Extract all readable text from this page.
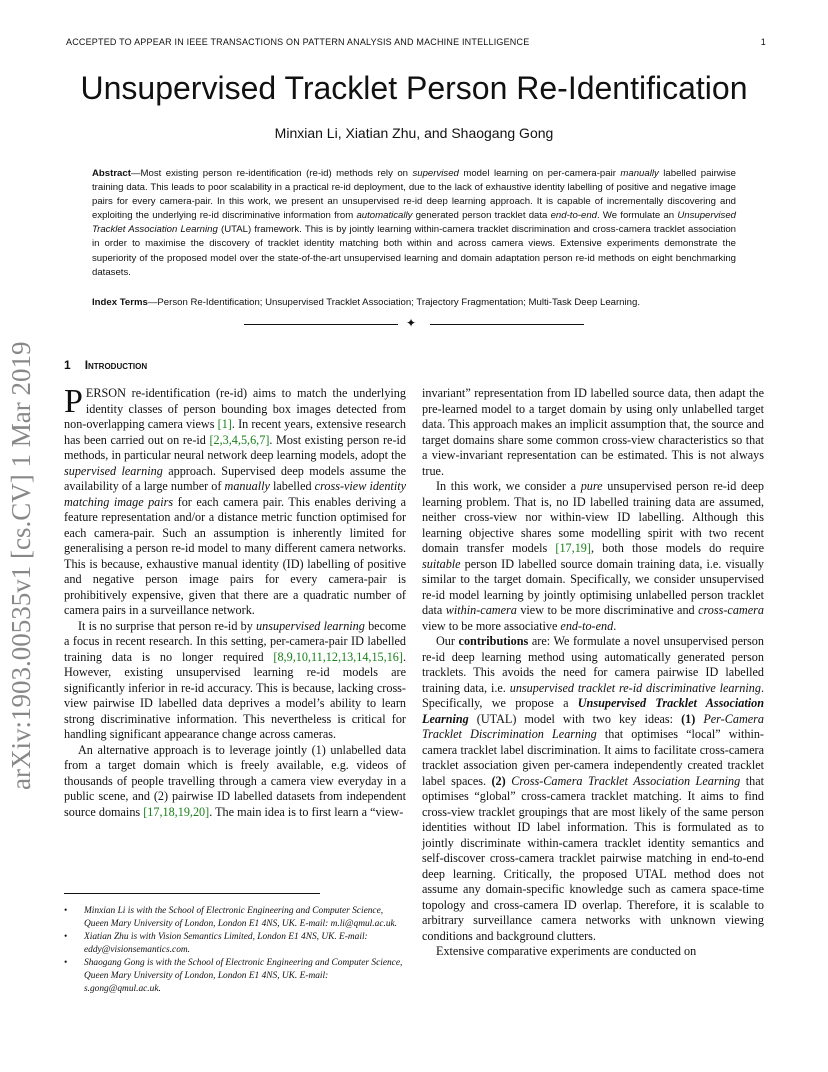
ACCEPTED TO APPEAR IN IEEE TRANSACTIONS ON PATTERN ANALYSIS AND MACHINE INTELLIGENCE	1
arXiv:1903.00535v1 [cs.CV] 1 Mar 2019
Unsupervised Tracklet Person Re-Identification
Minxian Li, Xiatian Zhu, and Shaogang Gong
Abstract—Most existing person re-identification (re-id) methods rely on supervised model learning on per-camera-pair manually labelled pairwise training data. This leads to poor scalability in a practical re-id deployment, due to the lack of exhaustive identity labelling of positive and negative image pairs for every camera-pair. In this work, we present an unsupervised re-id deep learning approach. It is capable of incrementally discovering and exploiting the underlying re-id discriminative information from automatically generated person tracklet data end-to-end. We formulate an Unsupervised Tracklet Association Learning (UTAL) framework. This is by jointly learning within-camera tracklet discrimination and cross-camera tracklet association in order to maximise the discovery of tracklet identity matching both within and across camera views. Extensive experiments demonstrate the superiority of the proposed model over the state-of-the-art unsupervised learning and domain adaptation person re-id methods on eight benchmarking datasets.
Index Terms—Person Re-Identification; Unsupervised Tracklet Association; Trajectory Fragmentation; Multi-Task Deep Learning.
✦
1 Introduction

PERSON re-identification (re-id) aims to match the underlying identity classes of person bounding box images detected from non-overlapping camera views [1]. In recent years, extensive research has been carried out on re-id [2,3,4,5,6,7]. Most existing person re-id methods, in particular neural network deep learning models, adopt the supervised learning approach. Supervised deep models assume the availability of a large number of manually labelled cross-view identity matching image pairs for each camera pair. This enables deriving a feature representation and/or a distance metric function optimised for each camera-pair. Such an assumption is inherently limited for generalising a person re-id model to many different camera networks. This is because, exhaustive manual identity (ID) labelling of positive and negative person image pairs for every camera-pair is prohibitively expensive, given that there are a quadratic number of camera pairs in a surveillance network.

It is no surprise that person re-id by unsupervised learning become a focus in recent research. In this setting, per-camera-pair ID labelled training data is no longer required [8,9,10,11,12,13,14,15,16]. However, existing unsupervised learning re-id models are significantly inferior in re-id accuracy. This is because, lacking cross-view pairwise ID labelled data deprives a model’s ability to learn strong discriminative information. This nevertheless is critical for handling significant appearance change across cameras.

An alternative approach is to leverage jointly (1) unlabelled data from a target domain which is freely available, e.g. videos of thousands of people travelling through a camera view everyday in a public scene, and (2) pairwise ID labelled datasets from independent source domains [17,18,19,20]. The main idea is to first learn a “view-

invariant” representation from ID labelled source data, then adapt the pre-learned model to a target domain by using only unlabelled target data. This approach makes an implicit assumption that, the source and target domains share some common cross-view characteristics so that a view-invariant representation can be estimated. This is not always true.

In this work, we consider a pure unsupervised person re-id deep learning problem. That is, no ID labelled training data are assumed, neither cross-view nor within-view ID labelling. Although this learning objective shares some modelling spirit with two recent domain transfer models [17,19], both those models do require suitable person ID labelled source domain training data, i.e. visually similar to the target domain. Specifically, we consider unsupervised re-id model learning by jointly optimising unlabelled person tracklet data within-camera view to be more discriminative and cross-camera view to be more associative end-to-end.

Our contributions are: We formulate a novel unsupervised person re-id deep learning method using automatically generated person tracklets. This avoids the need for camera pairwise ID labelled training data, i.e. unsupervised tracklet re-id discriminative learning. Specifically, we propose a Unsupervised Tracklet Association Learning (UTAL) model with two key ideas: (1) Per-Camera Tracklet Discrimination Learning that optimises “local” within-camera tracklet label discrimination. It aims to facilitate cross-camera tracklet association given per-camera independently created tracklet label spaces. (2) Cross-Camera Tracklet Association Learning that optimises “global” cross-camera tracklet matching. It aims to find cross-view tracklet groupings that are most likely of the same person identities without ID label information. This is formulated as to jointly discriminate within-camera tracklet identity semantics and self-discover cross-camera tracklet pairwise matching in end-to-end deep learning. Critically, the proposed UTAL method does not assume any domain-specific knowledge such as camera space-time topology and cross-camera ID overlap. Therefore, it is scalable to arbitrary surveillance camera networks with unknown viewing conditions and background clutters.

Extensive comparative experiments are conducted on

• Minxian Li is with the School of Electronic Engineering and Computer Science, Queen Mary University of London, London E1 4NS, UK. E-mail: m.li@qmul.ac.uk.
• Xiatian Zhu is with Vision Semantics Limited, London E1 4NS, UK. E-mail: eddy@visionsemantics.com.
• Shaogang Gong is with the School of Electronic Engineering and Computer Science, Queen Mary University of London, London E1 4NS, UK. E-mail: s.gong@qmul.ac.uk.
